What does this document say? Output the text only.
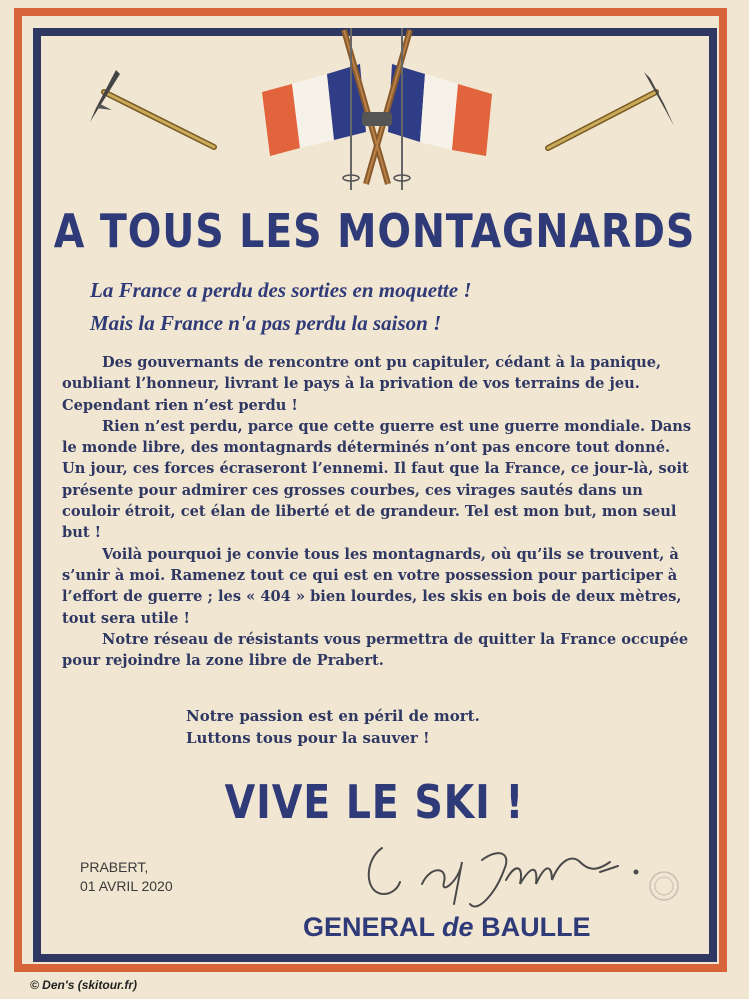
A TOUS LES MONTAGNARDS
La France a perdu des sorties en moquette !
Mais la France n'a pas perdu la saison !

Des gouvernants de rencontre ont pu capituler, cédant à la panique, oubliant l’honneur, livrant le pays à la privation de vos terrains de jeu. Cependant rien n’est perdu !

Rien n’est perdu, parce que cette guerre est une guerre mondiale. Dans le monde libre, des montagnards déterminés n’ont pas encore tout donné. Un jour, ces forces écraseront l’ennemi. Il faut que la France, ce jour-là, soit présente pour admirer ces grosses courbes, ces virages sautés dans un couloir étroit, cet élan de liberté et de grandeur. Tel est mon but, mon seul but !

Voilà pourquoi je convie tous les montagnards, où qu’ils se trouvent, à s’unir à moi. Ramenez tout ce qui est en votre possession pour participer à l’effort de guerre ; les « 404 » bien lourdes, les skis en bois de deux mètres, tout sera utile !

Notre réseau de résistants vous permettra de quitter la France occupée pour rejoindre la zone libre de Prabert.

Notre passion est en péril de mort.
Luttons tous pour la sauver !
VIVE LE SKI !
PRABERT,
01 AVRIL 2020
GENERAL de BAULLE
© Den's (skitour.fr)
